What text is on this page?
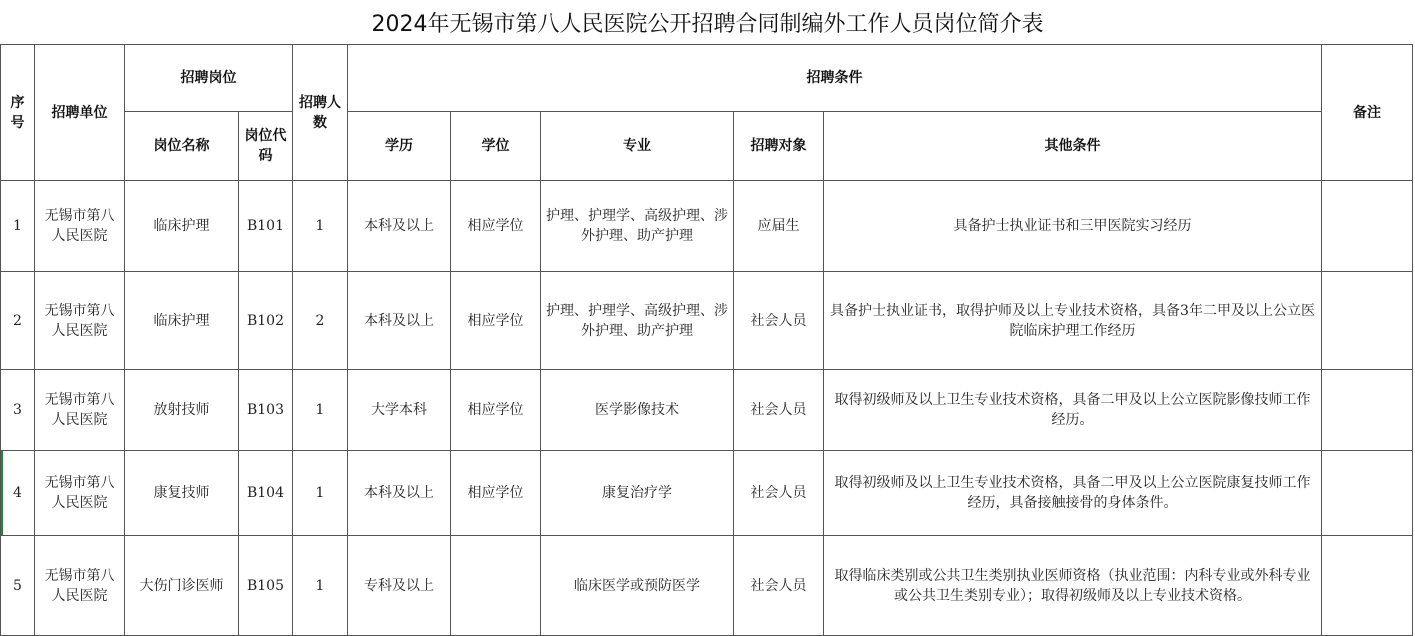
2024年无锡市第八人民医院公开招聘合同制编外工作人员岗位简介表
序号	招聘单位	招聘岗位		招聘人数	招聘条件					备注
		岗位名称	岗位代码		学历	学位	专业	招聘对象	其他条件	
1	无锡市第八人民医院	临床护理	B101	1	本科及以上	相应学位	护理、护理学、高级护理、涉外护理、助产护理	应届生	具备护士执业证书和三甲医院实习经历	
2	无锡市第八人民医院	临床护理	B102	2	本科及以上	相应学位	护理、护理学、高级护理、涉外护理、助产护理	社会人员	具备护士执业证书，取得护师及以上专业技术资格，具备3年二甲及以上公立医院临床护理工作经历	
3	无锡市第八人民医院	放射技师	B103	1	大学本科	相应学位	医学影像技术	社会人员	取得初级师及以上卫生专业技术资格，具备二甲及以上公立医院影像技师工作经历。	
4	无锡市第八人民医院	康复技师	B104	1	本科及以上	相应学位	康复治疗学	社会人员	取得初级师及以上卫生专业技术资格，具备二甲及以上公立医院康复技师工作经历，具备接触接骨的身体条件。	
5	无锡市第八人民医院	大伤门诊医师	B105	1	专科及以上		临床医学或预防医学	社会人员	取得临床类别或公共卫生类别执业医师资格（执业范围：内科专业或外科专业或公共卫生类别专业）；取得初级师及以上专业技术资格。	
